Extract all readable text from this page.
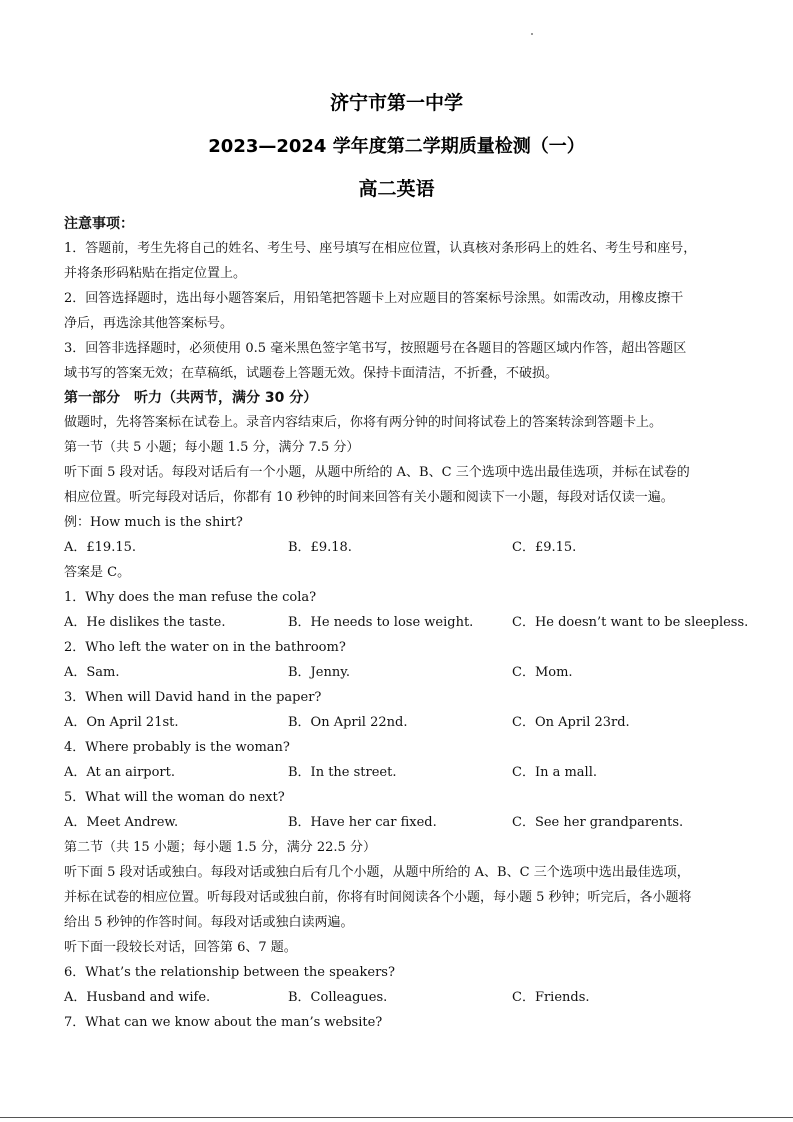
济宁市第一中学
2023—2024 学年度第二学期质量检测（一）
高二英语
注意事项：
1．答题前，考生先将自己的姓名、考生号、座号填写在相应位置，认真核对条形码上的姓名、考生号和座号，
并将条形码粘贴在指定位置上。
2．回答选择题时，选出每小题答案后，用铅笔把答题卡上对应题目的答案标号涂黑。如需改动，用橡皮擦干
净后，再选涂其他答案标号。
3．回答非选择题时，必须使用 0.5 毫米黑色签字笔书写，按照题号在各题目的答题区域内作答，超出答题区
域书写的答案无效；在草稿纸，试题卷上答题无效。保持卡面清洁，不折叠，不破损。
第一部分　听力（共两节，满分 30 分）
做题时，先将答案标在试卷上。录音内容结束后，你将有两分钟的时间将试卷上的答案转涂到答题卡上。
第一节（共 5 小题；每小题 1.5 分，满分 7.5 分）
听下面 5 段对话。每段对话后有一个小题，从题中所给的 A、B、C 三个选项中选出最佳选项，并标在试卷的
相应位置。听完每段对话后，你都有 10 秒钟的时间来回答有关小题和阅读下一小题，每段对话仅读一遍。
例：How much is the shirt?
A．£19.15.	B．£9.18.	C．£9.15.
答案是 C。
1．Why does the man refuse the cola?
A．He dislikes the taste.	B．He needs to lose weight.	C．He doesn’t want to be sleepless.
2．Who left the water on in the bathroom?
A．Sam.	B．Jenny.	C．Mom.
3．When will David hand in the paper?
A．On April 21st.	B．On April 22nd.	C．On April 23rd.
4．Where probably is the woman?
A．At an airport.	B．In the street.	C．In a mall.
5．What will the woman do next?
A．Meet Andrew.	B．Have her car fixed.	C．See her grandparents.
第二节（共 15 小题；每小题 1.5 分，满分 22.5 分）
听下面 5 段对话或独白。每段对话或独白后有几个小题，从题中所给的 A、B、C 三个选项中选出最佳选项，
并标在试卷的相应位置。听每段对话或独白前，你将有时间阅读各个小题，每小题 5 秒钟；听完后，各小题将
给出 5 秒钟的作答时间。每段对话或独白读两遍。
听下面一段较长对话，回答第 6、7 题。
6．What’s the relationship between the speakers?
A．Husband and wife.	B．Colleagues.	C．Friends.
7．What can we know about the man’s website?
